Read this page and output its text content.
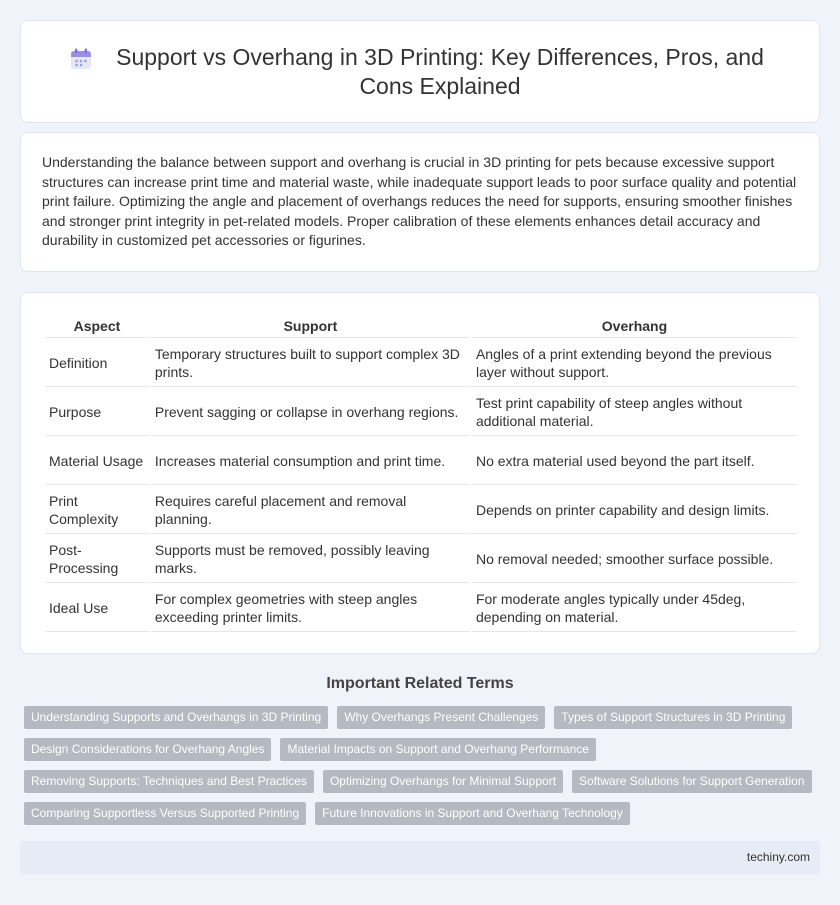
Support vs Overhang in 3D Printing: Key Differences, Pros, and Cons Explained

Understanding the balance between support and overhang is crucial in 3D printing for pets because excessive support structures can increase print time and material waste, while inadequate support leads to poor surface quality and potential print failure. Optimizing the angle and placement of overhangs reduces the need for supports, ensuring smoother finishes and stronger print integrity in pet-related models. Proper calibration of these elements enhances detail accuracy and durability in customized pet accessories or figurines.

Aspect	Support	Overhang
Definition	Temporary structures built to support complex 3D prints.	Angles of a print extending beyond the previous layer without support.
Purpose	Prevent sagging or collapse in overhang regions.	Test print capability of steep angles without additional material.
Material Usage	Increases material consumption and print time.	No extra material used beyond the part itself.
Print Complexity	Requires careful placement and removal planning.	Depends on printer capability and design limits.
Post-Processing	Supports must be removed, possibly leaving marks.	No removal needed; smoother surface possible.
Ideal Use	For complex geometries with steep angles exceeding printer limits.	For moderate angles typically under 45deg, depending on material.
Important Related Terms
Understanding Supports and Overhangs in 3D Printing	Why Overhangs Present Challenges	Types of Support Structures in 3D Printing
Design Considerations for Overhang Angles	Material Impacts on Support and Overhang Performance
Removing Supports: Techniques and Best Practices	Optimizing Overhangs for Minimal Support	Software Solutions for Support Generation
Comparing Supportless Versus Supported Printing	Future Innovations in Support and Overhang Technology
techiny.com
